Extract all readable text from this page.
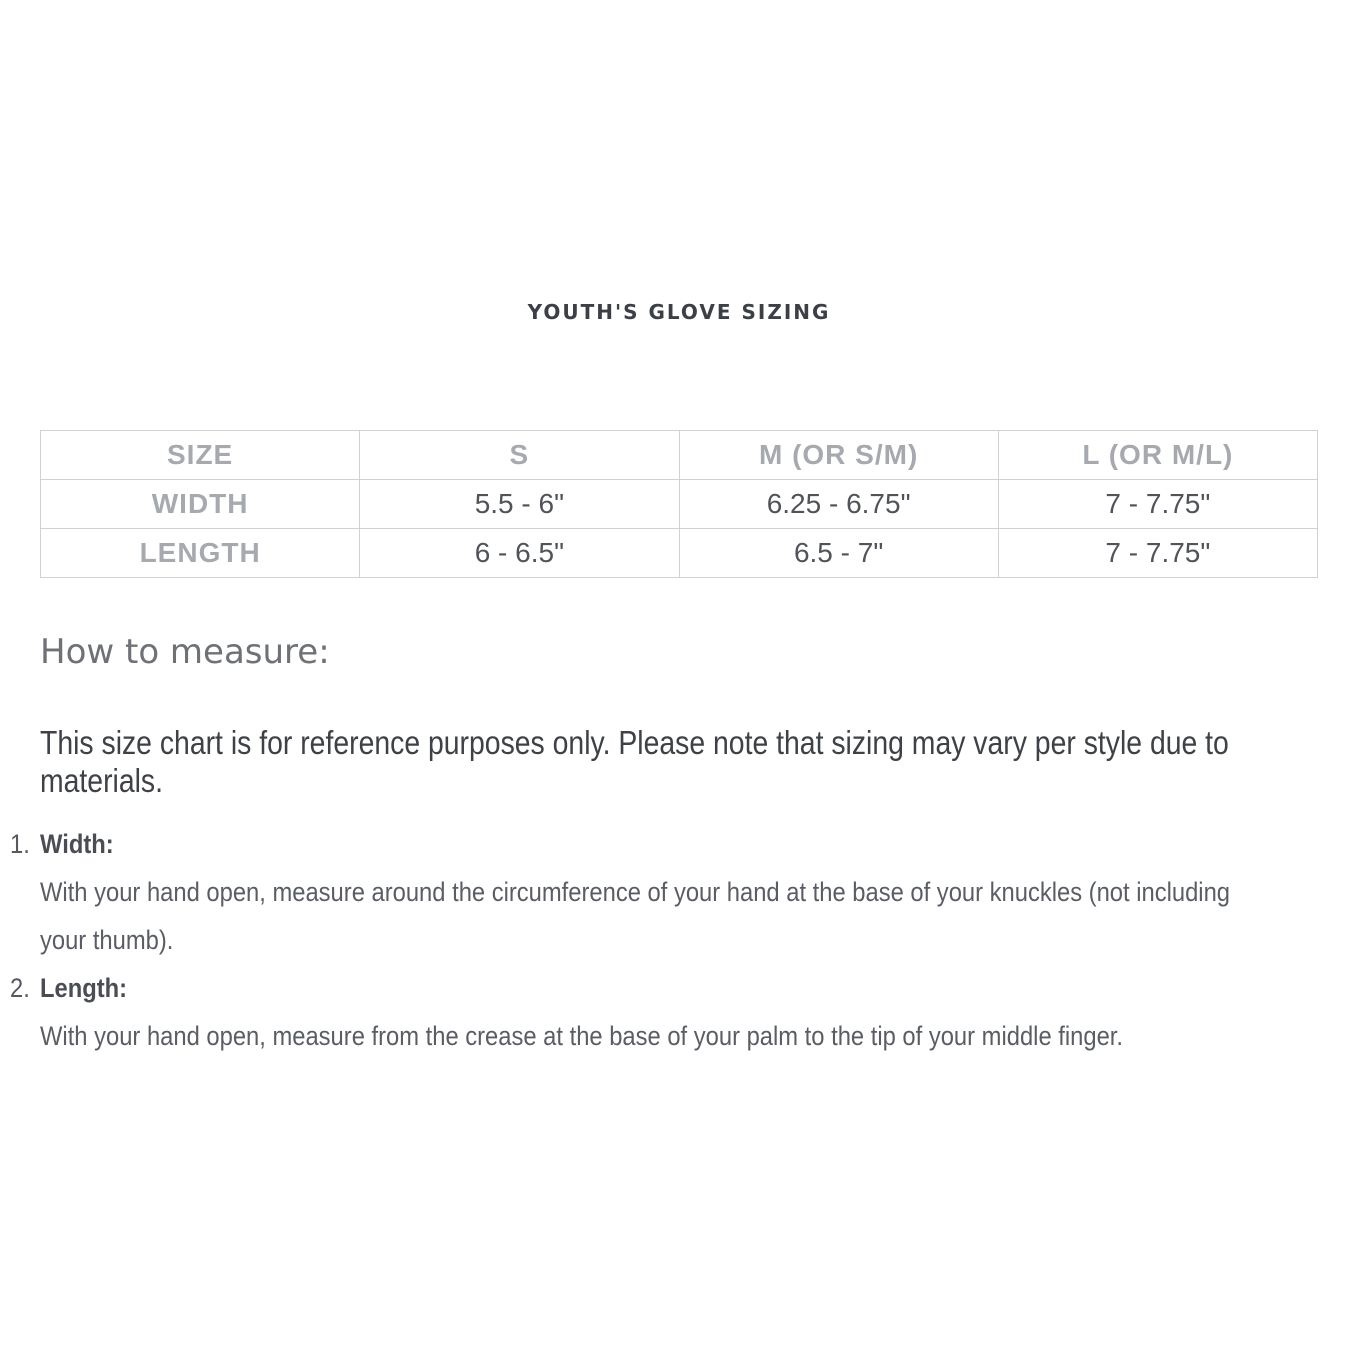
YOUTH'S GLOVE SIZING
SIZE	S	M (OR S/M)	L (OR M/L)
WIDTH	5.5 - 6"	6.25 - 6.75"	7 - 7.75"
LENGTH	6 - 6.5"	6.5 - 7"	7 - 7.75"
How to measure:

This size chart is for reference purposes only. Please note that sizing may vary per style due to materials.

1. Width:
With your hand open, measure around the circumference of your hand at the base of your knuckles (not including your thumb).
2. Length:
With your hand open, measure from the crease at the base of your palm to the tip of your middle finger.
